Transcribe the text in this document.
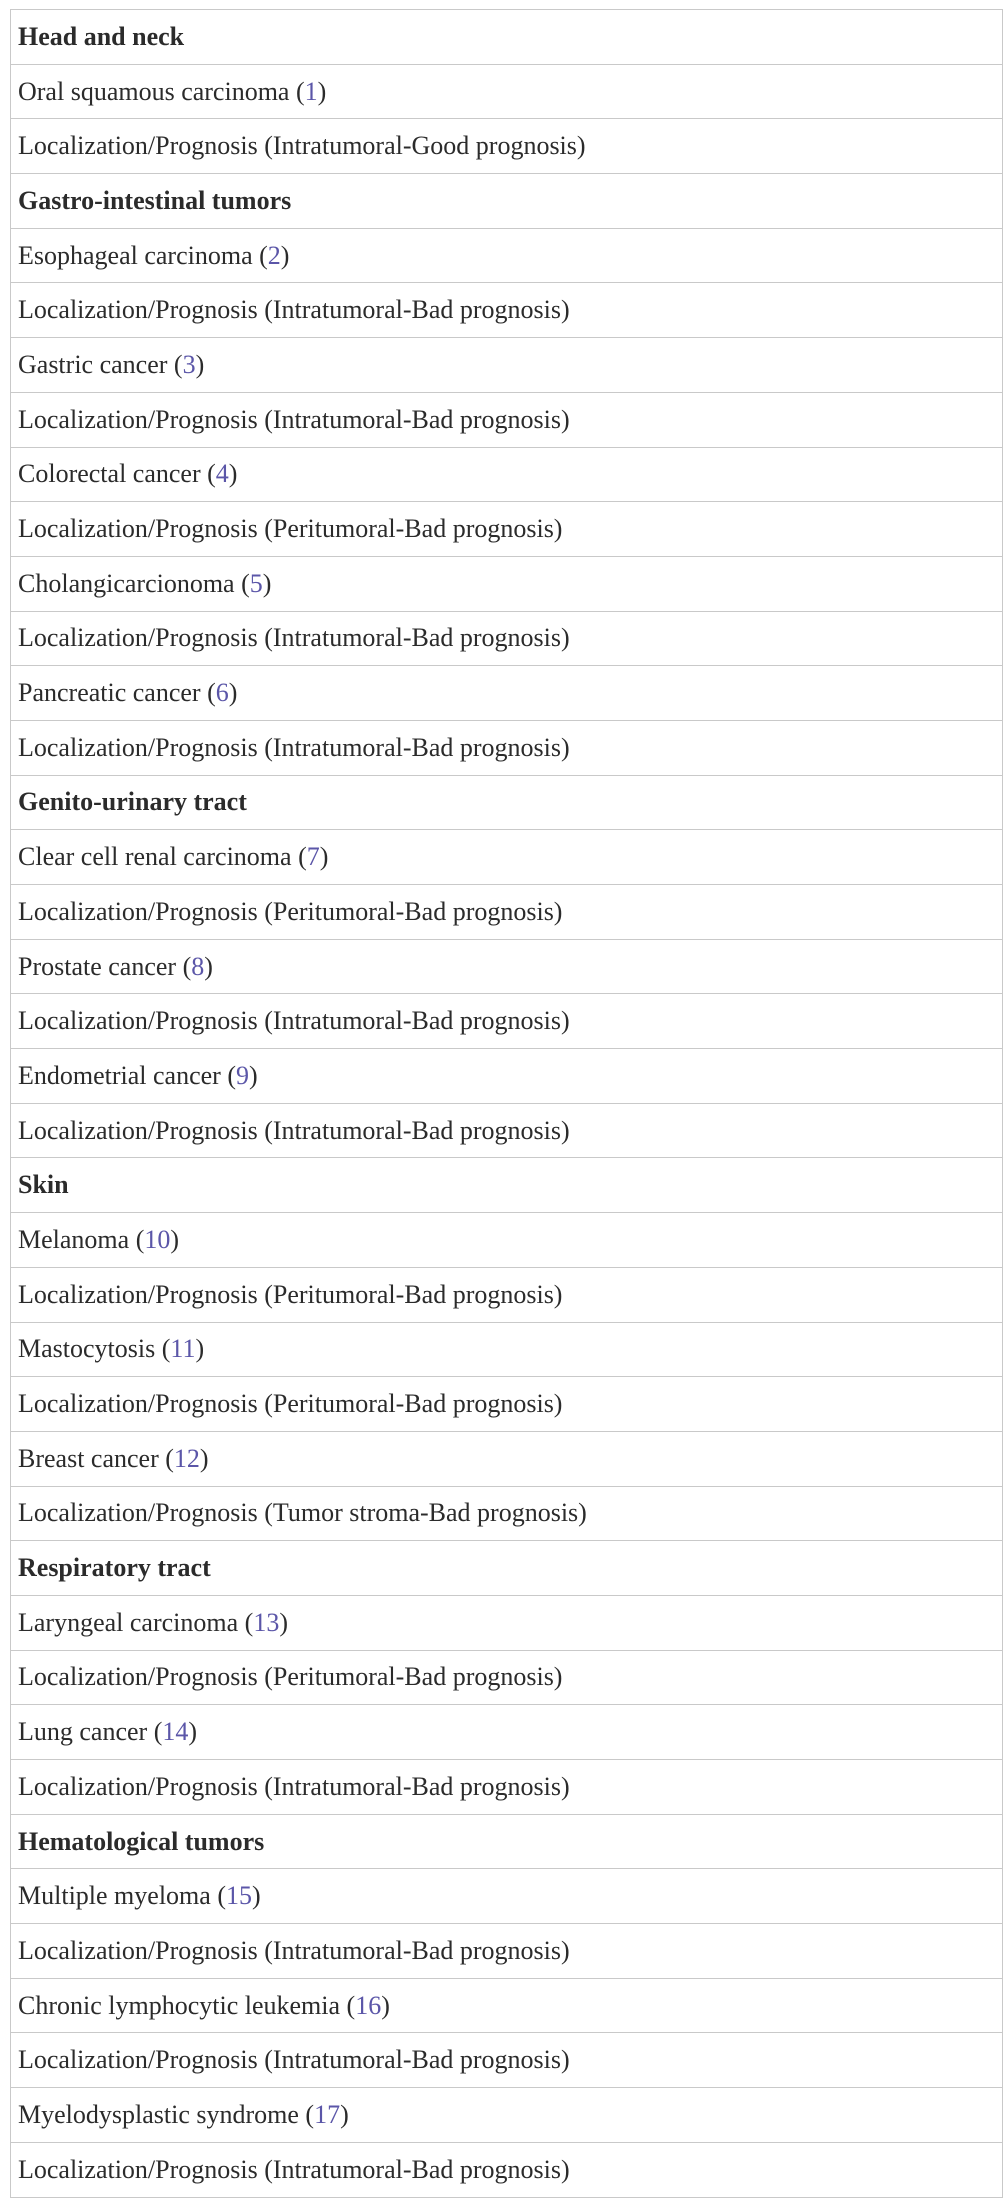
Head and neck
Oral squamous carcinoma (1)
Localization/Prognosis (Intratumoral-Good prognosis)
Gastro-intestinal tumors
Esophageal carcinoma (2)
Localization/Prognosis (Intratumoral-Bad prognosis)
Gastric cancer (3)
Localization/Prognosis (Intratumoral-Bad prognosis)
Colorectal cancer (4)
Localization/Prognosis (Peritumoral-Bad prognosis)
Cholangicarcionoma (5)
Localization/Prognosis (Intratumoral-Bad prognosis)
Pancreatic cancer (6)
Localization/Prognosis (Intratumoral-Bad prognosis)
Genito-urinary tract
Clear cell renal carcinoma (7)
Localization/Prognosis (Peritumoral-Bad prognosis)
Prostate cancer (8)
Localization/Prognosis (Intratumoral-Bad prognosis)
Endometrial cancer (9)
Localization/Prognosis (Intratumoral-Bad prognosis)
Skin
Melanoma (10)
Localization/Prognosis (Peritumoral-Bad prognosis)
Mastocytosis (11)
Localization/Prognosis (Peritumoral-Bad prognosis)
Breast cancer (12)
Localization/Prognosis (Tumor stroma-Bad prognosis)
Respiratory tract
Laryngeal carcinoma (13)
Localization/Prognosis (Peritumoral-Bad prognosis)
Lung cancer (14)
Localization/Prognosis (Intratumoral-Bad prognosis)
Hematological tumors
Multiple myeloma (15)
Localization/Prognosis (Intratumoral-Bad prognosis)
Chronic lymphocytic leukemia (16)
Localization/Prognosis (Intratumoral-Bad prognosis)
Myelodysplastic syndrome (17)
Localization/Prognosis (Intratumoral-Bad prognosis)
